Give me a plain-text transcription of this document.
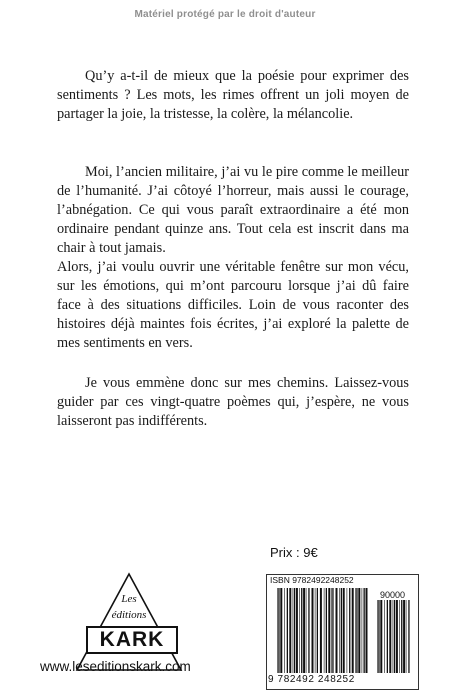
Matériel protégé par le droit d'auteur

Qu’y a-t-il de mieux que la poésie pour exprimer des sentiments ? Les mots, les rimes offrent un joli moyen de partager la joie, la tristesse, la colère, la mélancolie.

Moi, l’ancien militaire, j’ai vu le pire comme le meilleur de l’humanité. J’ai côtoyé l’horreur, mais aussi le courage, l’abnégation. Ce qui vous paraît extraordinaire a été mon ordinaire pendant quinze ans. Tout cela est inscrit dans ma chair à tout jamais.

Alors, j’ai voulu ouvrir une véritable fenêtre sur mon vécu, sur les émotions, qui m’ont parcouru lorsque j’ai dû faire face à des situations difficiles. Loin de vous raconter des histoires déjà maintes fois écrites, j’ai exploré la palette de mes sentiments en vers.

Je vous emmène donc sur mes chemins. Laissez-vous guider par ces vingt-quatre poèmes qui, j’espère, ne vous laisseront pas indifférents.

Prix : 9€
Les
éditions
KARK
www.leseditionskark.com
ISBN 9782492248252
90000
9 782492 248252
